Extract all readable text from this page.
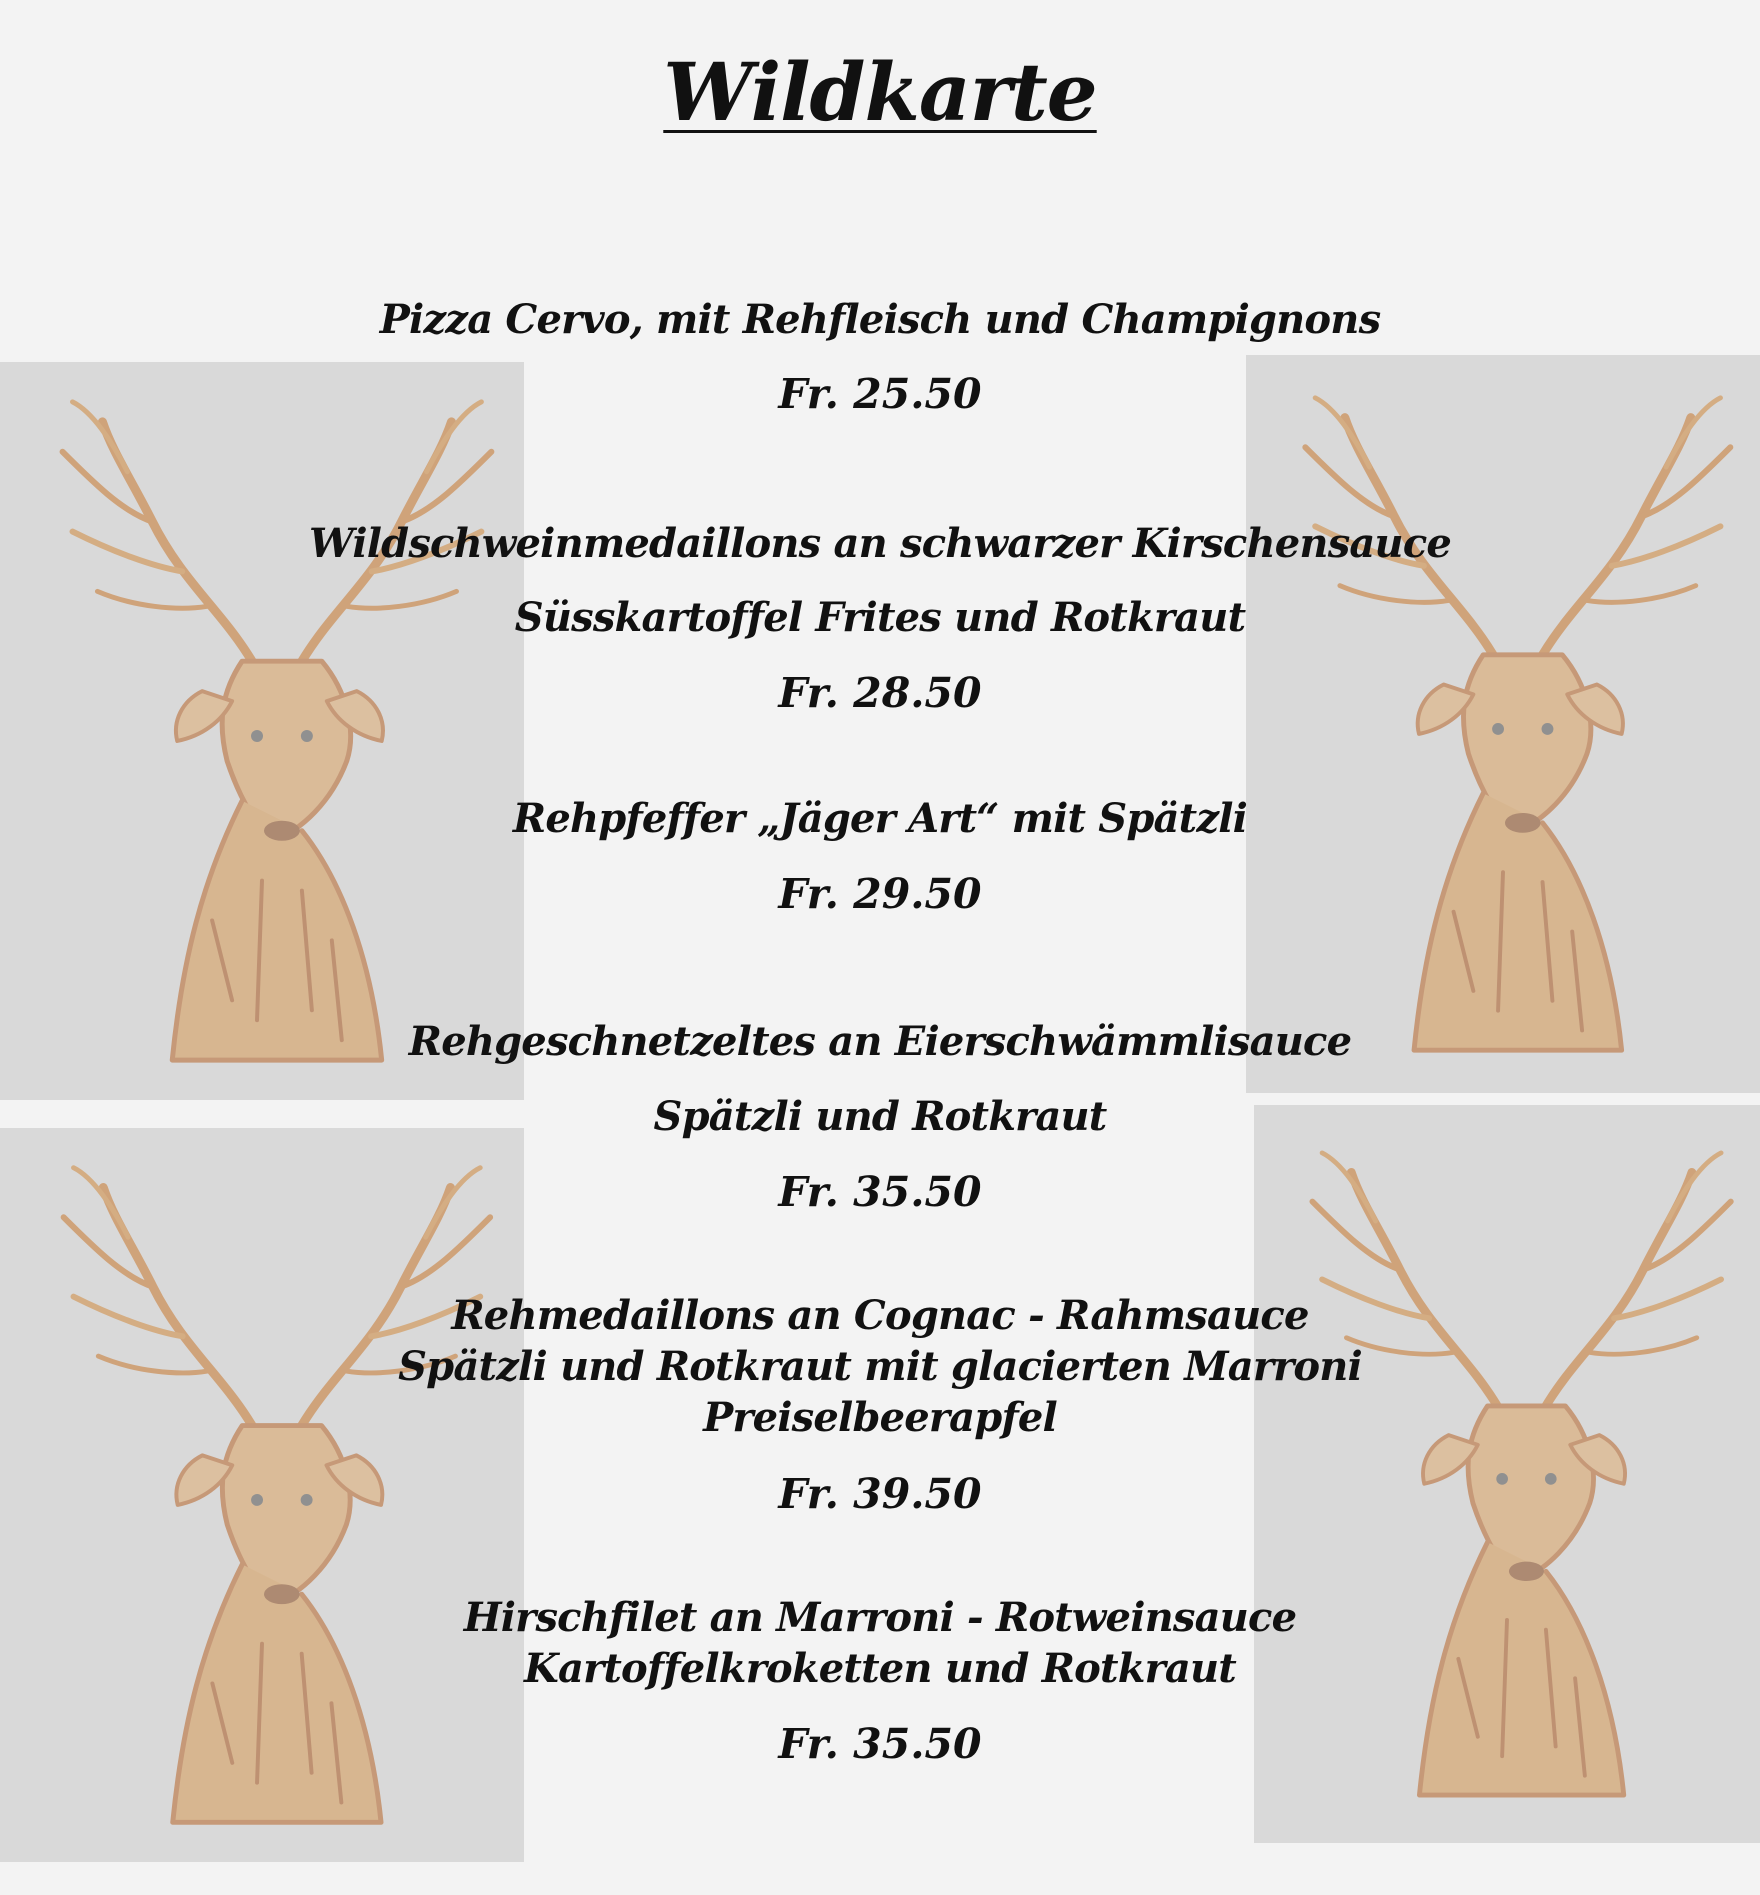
Wildkarte
Pizza Cervo, mit Rehfleisch und Champignons
Fr. 25.50
Wildschweinmedaillons an schwarzer Kirschensauce
Süsskartoffel Frites und Rotkraut
Fr. 28.50
Rehpfeffer „Jäger Art“ mit Spätzli
Fr. 29.50
Rehgeschnetzeltes an Eierschwämmlisauce
Spätzli und Rotkraut
Fr. 35.50
Rehmedaillons an Cognac - Rahmsauce
Spätzli und Rotkraut mit glacierten Marroni
Preiselbeerapfel
Fr. 39.50
Hirschfilet an Marroni - Rotweinsauce
Kartoffelkroketten und Rotkraut
Fr. 35.50
